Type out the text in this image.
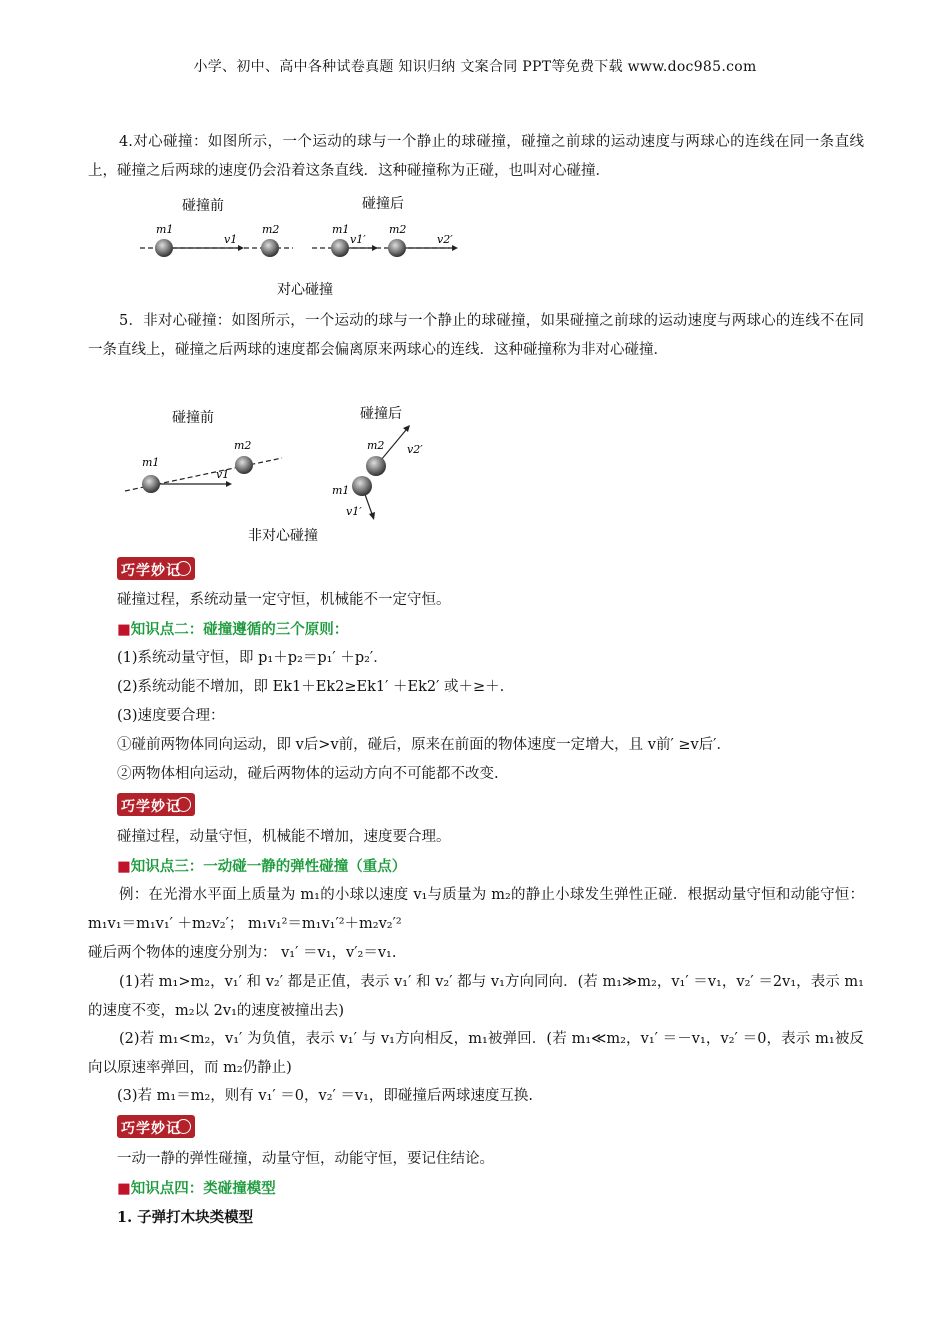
小学、初中、高中各种试卷真题 知识归纳 文案合同 PPT等免费下载 www.doc985.com
4.对心碰撞：如图所示，一个运动的球与一个静止的球碰撞，碰撞之前球的运动速度与两球心的连线在同一条直线上，碰撞之后两球的速度仍会沿着这条直线．这种碰撞称为正碰，也叫对心碰撞．
碰撞前	碰撞后
m1	m2
v1
m1
v1′
m2
v2′
对心碰撞
5．非对心碰撞：如图所示，一个运动的球与一个静止的球碰撞，如果碰撞之前球的运动速度与两球心的连线不在同一条直线上，碰撞之后两球的速度都会偏离原来两球心的连线．这种碰撞称为非对心碰撞．
碰撞前	碰撞后
m1
m2
v1
m2 v2′
m1
v1′
非对心碰撞
巧学妙记
碰撞过程，系统动量一定守恒，机械能不一定守恒。
■知识点二：碰撞遵循的三个原则：
(1)系统动量守恒，即 p₁＋p₂＝p₁′ ＋p₂′．
(2)系统动能不增加，即 Ek1＋Ek2≥Ek1′ ＋Ek2′ 或＋≥＋.
(3)速度要合理：
①碰前两物体同向运动，即 v后>v前，碰后，原来在前面的物体速度一定增大，且 v前′ ≥v后′．
②两物体相向运动，碰后两物体的运动方向不可能都不改变.
巧学妙记
碰撞过程，动量守恒，机械能不增加，速度要合理。
■知识点三：一动碰一静的弹性碰撞（重点）
例：在光滑水平面上质量为 m₁的小球以速度 v₁与质量为 m₂的静止小球发生弹性正碰．根据动量守恒和动能守恒：m₁v₁＝m₁v₁′ ＋m₂v₂′； m₁v₁²＝m₁v₁′²＋m₂v₂′²
碰后两个物体的速度分别为： v₁′ ＝v₁，v′₂＝v₁.
(1)若 m₁>m₂，v₁′ 和 v₂′ 都是正值，表示 v₁′ 和 v₂′ 都与 v₁方向同向．(若 m₁≫m₂，v₁′ ＝v₁，v₂′ ＝2v₁，表示 m₁的速度不变，m₂以 2v₁的速度被撞出去)
(2)若 m₁<m₂，v₁′ 为负值，表示 v₁′ 与 v₁方向相反，m₁被弹回．(若 m₁≪m₂，v₁′ ＝－v₁，v₂′ ＝0，表示 m₁被反向以原速率弹回，而 m₂仍静止)
(3)若 m₁＝m₂，则有 v₁′ ＝0，v₂′ ＝v₁，即碰撞后两球速度互换.
巧学妙记
一动一静的弹性碰撞，动量守恒，动能守恒，要记住结论。
■知识点四：类碰撞模型
1. 子弹打木块类模型
